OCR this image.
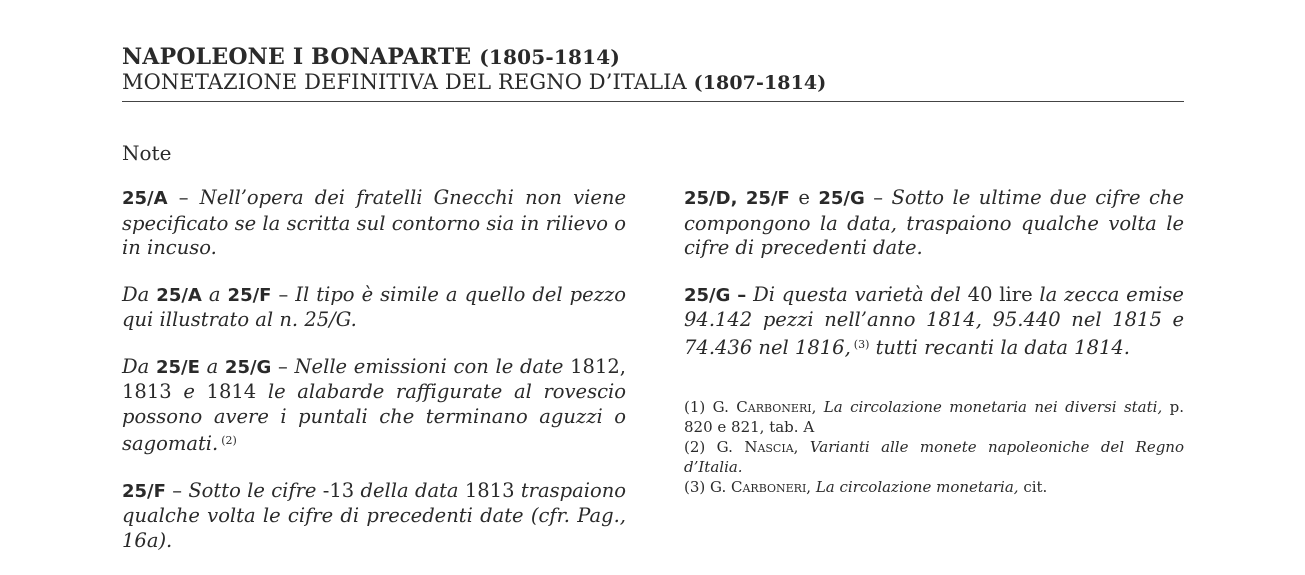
NAPOLEONE I BONAPARTE (1805-1814)
MONETAZIONE DEFINITIVA DEL REGNO D’ITALIA (1807-1814)
Note

25/A – Nell’opera dei fratelli Gnecchi non viene specificato se la scritta sul contorno sia in rilievo o in incuso.

Da 25/A a 25/F – Il tipo è simile a quello del pezzo qui illustrato al n. 25/G.

Da 25/E a 25/G – Nelle emissioni con le date 1812, 1813 e 1814 le alabarde raffigurate al rovescio possono avere i puntali che terminano aguzzi o sagomati. $^{(2)}$

25/F – Sotto le cifre -13 della data 1813 traspaiono qualche volta le cifre di precedenti date (cfr. Pag., 16a).

25/D, 25/F e 25/G – Sotto le ultime due cifre che compongono la data, traspaiono qualche volta le cifre di precedenti date.

25/G – Di questa varietà del 40 lire la zecca emise 94.142 pezzi nell’anno 1814, 95.440 nel 1815 e 74.436 nel 1816, $^{(3)}$ tutti recanti la data 1814.

(1) G. Carboneri, La circolazione monetaria nei diversi stati, p. 820 e 821, tab. A
(2) G. Nascia, Varianti alle monete napoleoniche del Regno d’Italia.
(3) G. Carboneri, La circolazione monetaria, cit.
